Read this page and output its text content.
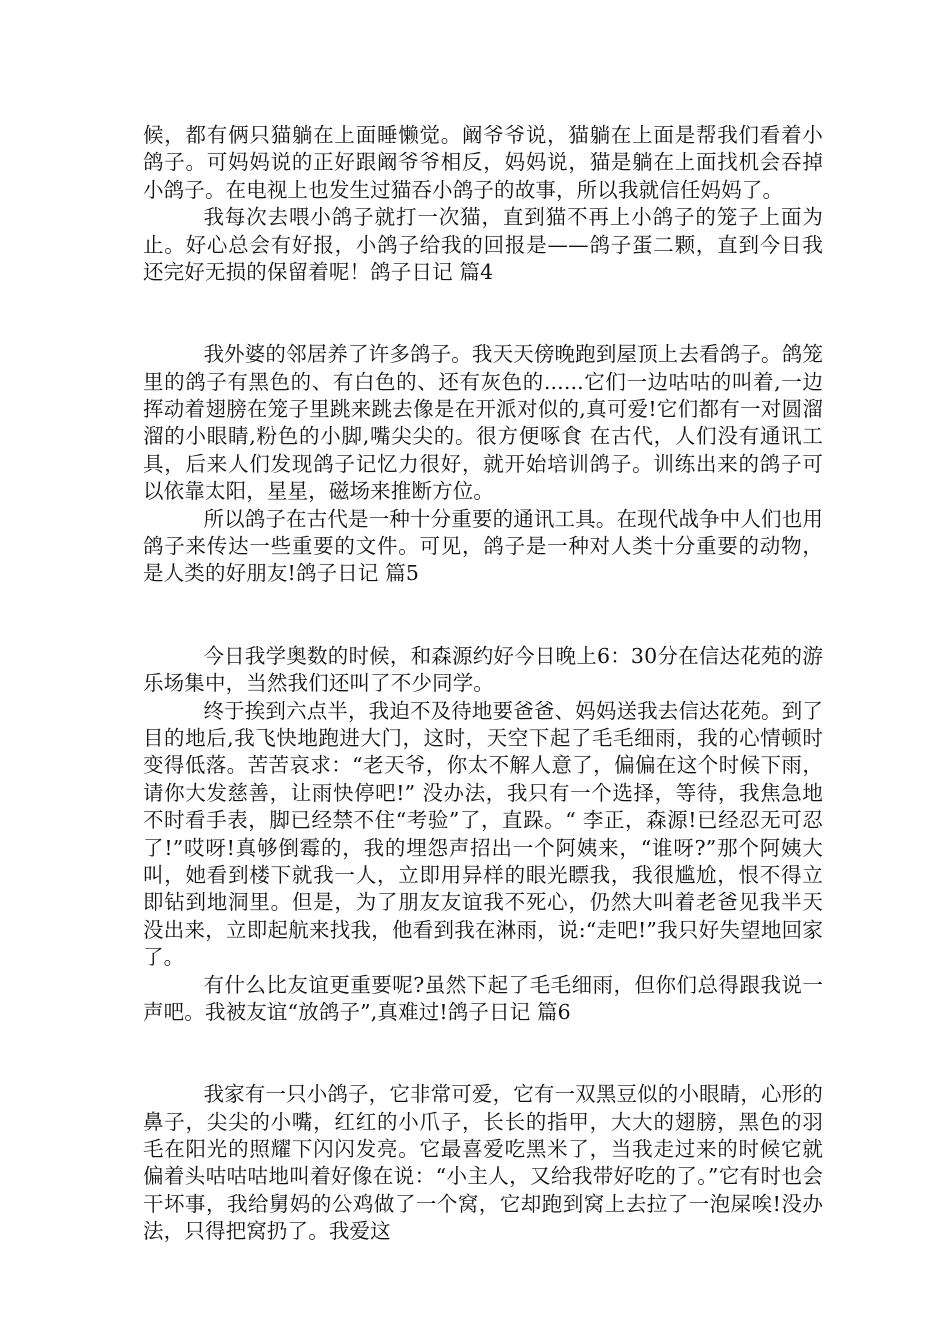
候，都有俩只猫躺在上面睡懒觉。阚爷爷说，猫躺在上面是帮我们看着小鸽子。可妈妈说的正好跟阚爷爷相反，妈妈说，猫是躺在上面找机会吞掉小鸽子。在电视上也发生过猫吞小鸽子的故事，所以我就信任妈妈了。

我每次去喂小鸽子就打一次猫，直到猫不再上小鸽子的笼子上面为止。好心总会有好报，小鸽子给我的回报是——鸽子蛋二颗，直到今日我还完好无损的保留着呢！鸽子日记 篇4

我外婆的邻居养了许多鸽子。我天天傍晚跑到屋顶上去看鸽子。鸽笼里的鸽子有黑色的、有白色的、还有灰色的......它们一边咕咕的叫着,一边挥动着翅膀在笼子里跳来跳去像是在开派对似的,真可爱!它们都有一对圆溜溜的小眼睛,粉色的小脚,嘴尖尖的。很方便啄食 在古代，人们没有通讯工具，后来人们发现鸽子记忆力很好，就开始培训鸽子。训练出来的鸽子可以依靠太阳，星星，磁场来推断方位。

所以鸽子在古代是一种十分重要的通讯工具。在现代战争中人们也用鸽子来传达一些重要的文件。可见，鸽子是一种对人类十分重要的动物，是人类的好朋友!鸽子日记 篇5

今日我学奥数的时候，和森源约好今日晚上6：30分在信达花苑的游乐场集中，当然我们还叫了不少同学。

终于挨到六点半，我迫不及待地要爸爸、妈妈送我去信达花苑。到了目的地后,我飞快地跑进大门，这时，天空下起了毛毛细雨，我的心情顿时变得低落。苦苦哀求：“老天爷，你太不解人意了，偏偏在这个时候下雨，请你大发慈善，让雨快停吧!” 没办法，我只有一个选择，等待，我焦急地不时看手表，脚已经禁不住“考验”了，直跺。“ 李正，森源!已经忍无可忍了!”哎呀!真够倒霉的，我的埋怨声招出一个阿姨来，“谁呀?”那个阿姨大叫，她看到楼下就我一人，立即用异样的眼光瞟我，我很尴尬，恨不得立即钻到地洞里。但是，为了朋友友谊我不死心，仍然大叫着老爸见我半天没出来，立即起航来找我，他看到我在淋雨，说:“走吧!”我只好失望地回家了。

有什么比友谊更重要呢?虽然下起了毛毛细雨，但你们总得跟我说一声吧。我被友谊“放鸽子”,真难过!鸽子日记 篇6

我家有一只小鸽子，它非常可爱，它有一双黑豆似的小眼睛，心形的鼻子，尖尖的小嘴，红红的小爪子，长长的指甲，大大的翅膀，黑色的羽毛在阳光的照耀下闪闪发亮。它最喜爱吃黑米了，当我走过来的时候它就偏着头咕咕咕地叫着好像在说：“小主人，又给我带好吃的了。”它有时也会干坏事，我给舅妈的公鸡做了一个窝，它却跑到窝上去拉了一泡屎唉!没办法，只得把窝扔了。我爱这
